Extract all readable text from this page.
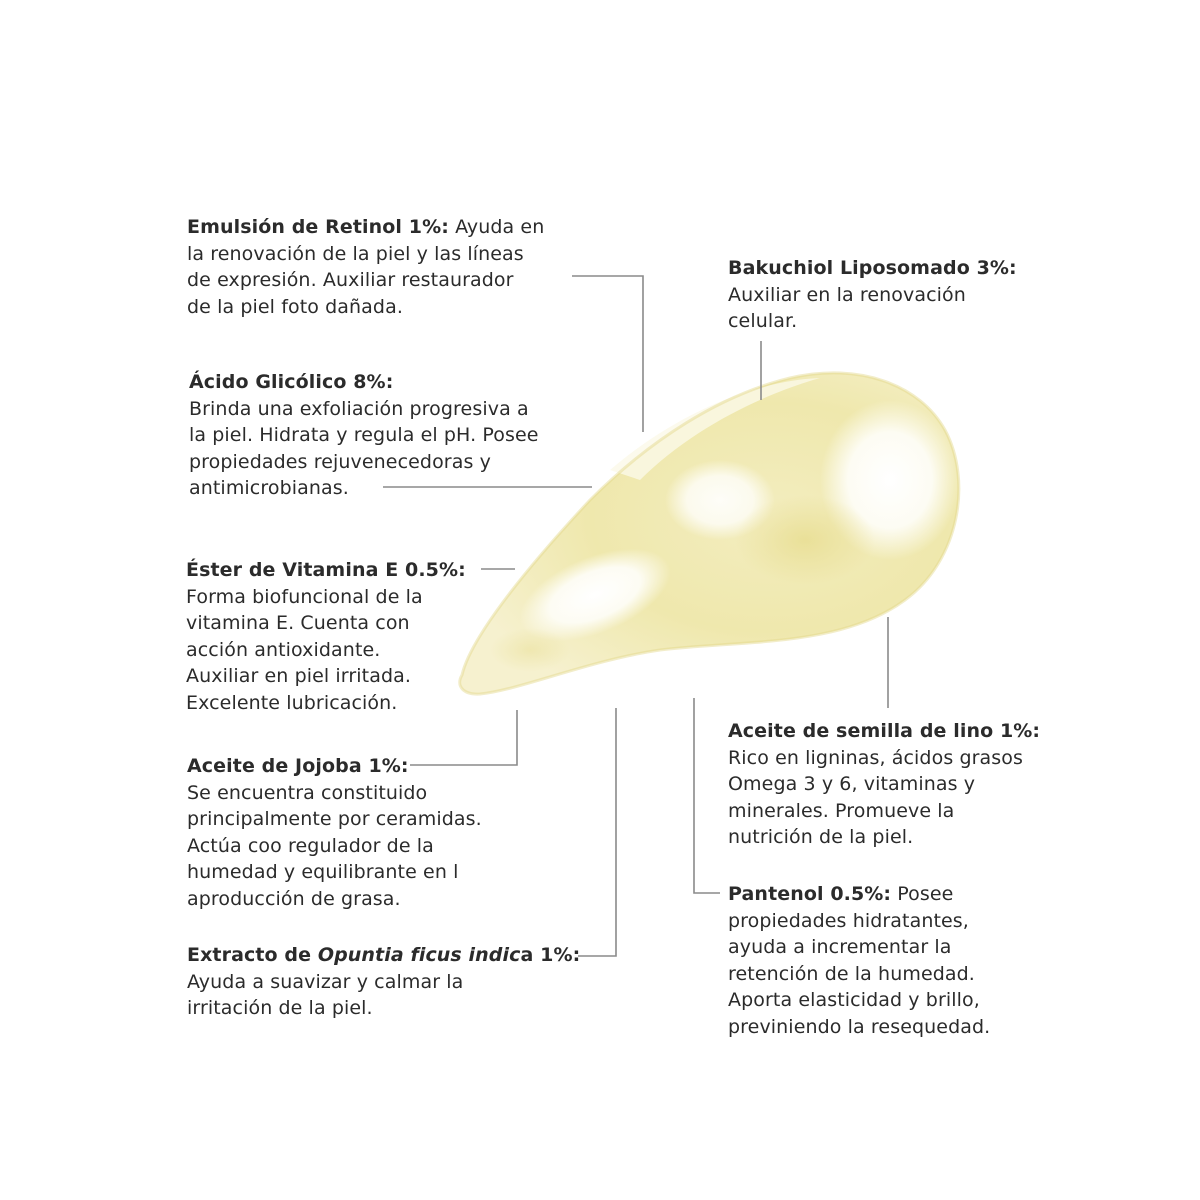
Emulsión de Retinol 1%: Ayuda en
la renovación de la piel y las líneas
de expresión. Auxiliar restaurador
de la piel foto dañada.
Ácido Glicólico 8%:
Brinda una exfoliación progresiva a
la piel. Hidrata y regula el pH. Posee
propiedades rejuvenecedoras y
antimicrobianas.
Éster de Vitamina E 0.5%:
Forma biofuncional de la
vitamina E. Cuenta con
acción antioxidante.
Auxiliar en piel irritada.
Excelente lubricación.
Aceite de Jojoba 1%:
Se encuentra constituido
principalmente por ceramidas.
Actúa coo regulador de la
humedad y equilibrante en l
aproducción de grasa.
Extracto de Opuntia ficus indica 1%:
Ayuda a suavizar y calmar la
irritación de la piel.
Bakuchiol Liposomado 3%:
Auxiliar en la renovación
celular.
Aceite de semilla de lino 1%:
Rico en ligninas, ácidos grasos
Omega 3 y 6, vitaminas y
minerales. Promueve la
nutrición de la piel.
Pantenol 0.5%: Posee
propiedades hidratantes,
ayuda a incrementar la
retención de la humedad.
Aporta elasticidad y brillo,
previniendo la resequedad.
